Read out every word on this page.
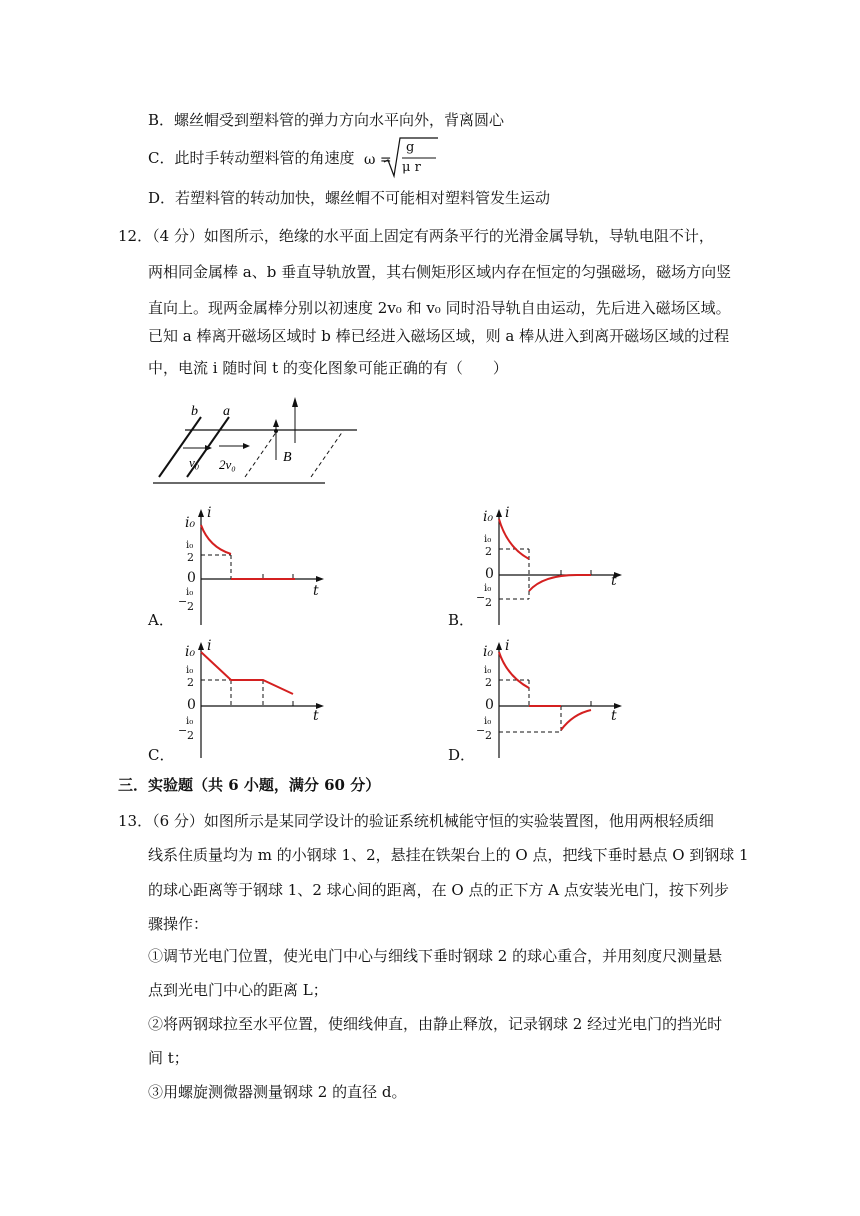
B．螺丝帽受到塑料管的弹力方向水平向外，背离圆心
C．此时手转动塑料管的角速度 ω =
g
μ r
D．若塑料管的转动加快，螺丝帽不可能相对塑料管发生运动
12．（4 分）如图所示，绝缘的水平面上固定有两条平行的光滑金属导轨，导轨电阻不计，
两相同金属棒 a、b 垂直导轨放置，其右侧矩形区域内存在恒定的匀强磁场，磁场方向竖
直向上。现两金属棒分别以初速度 2v₀ 和 v₀ 同时沿导轨自由运动，先后进入磁场区域。
已知 a 棒离开磁场区域时 b 棒已经进入磁场区域，则 a 棒从进入到离开磁场区域的过程
中，电流 i 随时间 t 的变化图象可能正确的有（　　）
b a
v₀ 2v₀	B
i₀
i
i₀
2
0
−
i₀
2
t
A．
i₀ i
i₀
2
0
−
i₀
2
t
B．
i₀ i
i₀
2
0
−
i₀
2
t
C．
i₀ i
i₀
2
0
−
i₀
2
t
D．
三．实验题（共 6 小题，满分 60 分）
13．（6 分）如图所示是某同学设计的验证系统机械能守恒的实验装置图，他用两根轻质细
线系住质量均为 m 的小钢球 1、2，悬挂在铁架台上的 O 点，把线下垂时悬点 O 到钢球 1
的球心距离等于钢球 1、2 球心间的距离，在 O 点的正下方 A 点安装光电门，按下列步
骤操作：
①调节光电门位置，使光电门中心与细线下垂时钢球 2 的球心重合，并用刻度尺测量悬
点到光电门中心的距离 L；
②将两钢球拉至水平位置，使细线伸直，由静止释放，记录钢球 2 经过光电门的挡光时
间 t；
③用螺旋测微器测量钢球 2 的直径 d。
